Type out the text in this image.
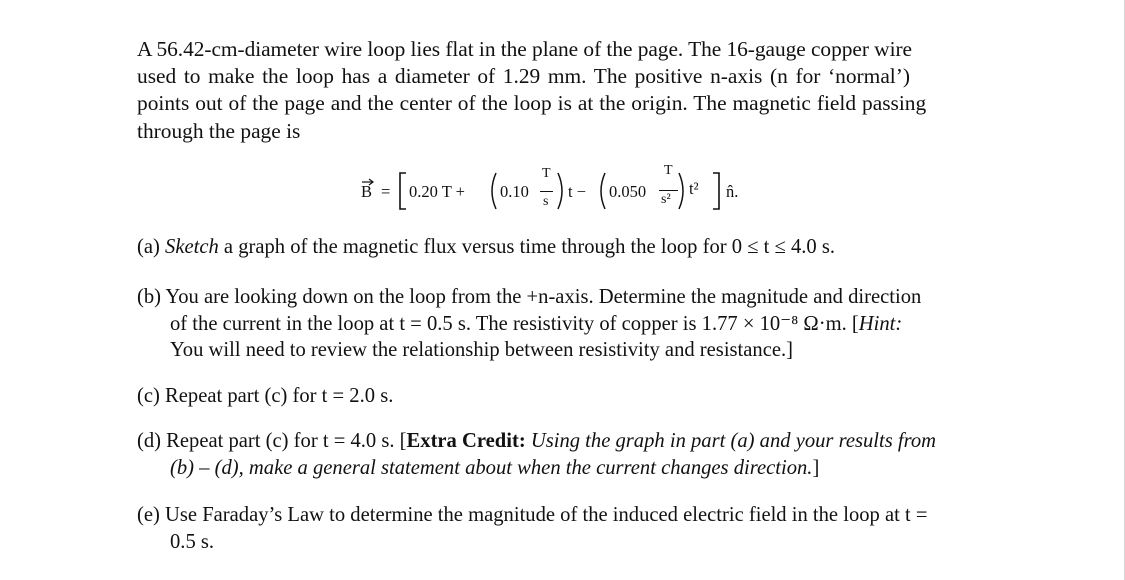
A 56.42-cm-diameter wire loop lies flat in the plane of the page. The 16-gauge copper wire
used to make the loop has a diameter of 1.29 mm. The positive n-axis (n for ‘normal’)
points out of the page and the center of the loop is at the origin. The magnetic field passing
through the page is
B = 0.20 T + 0.10
T
s
t − 0.050
T
s²
t² n̂.
(a) Sketch a graph of the magnetic flux versus time through the loop for 0 ≤ t ≤ 4.0 s.
(b) You are looking down on the loop from the +n-axis. Determine the magnitude and direction
of the current in the loop at t = 0.5 s. The resistivity of copper is 1.77 × 10⁻⁸ Ω·m. [Hint:
You will need to review the relationship between resistivity and resistance.]
(c) Repeat part (c) for t = 2.0 s.
(d) Repeat part (c) for t = 4.0 s. [Extra Credit: Using the graph in part (a) and your results from
(b) – (d), make a general statement about when the current changes direction.]
(e) Use Faraday’s Law to determine the magnitude of the induced electric field in the loop at t =
0.5 s.
